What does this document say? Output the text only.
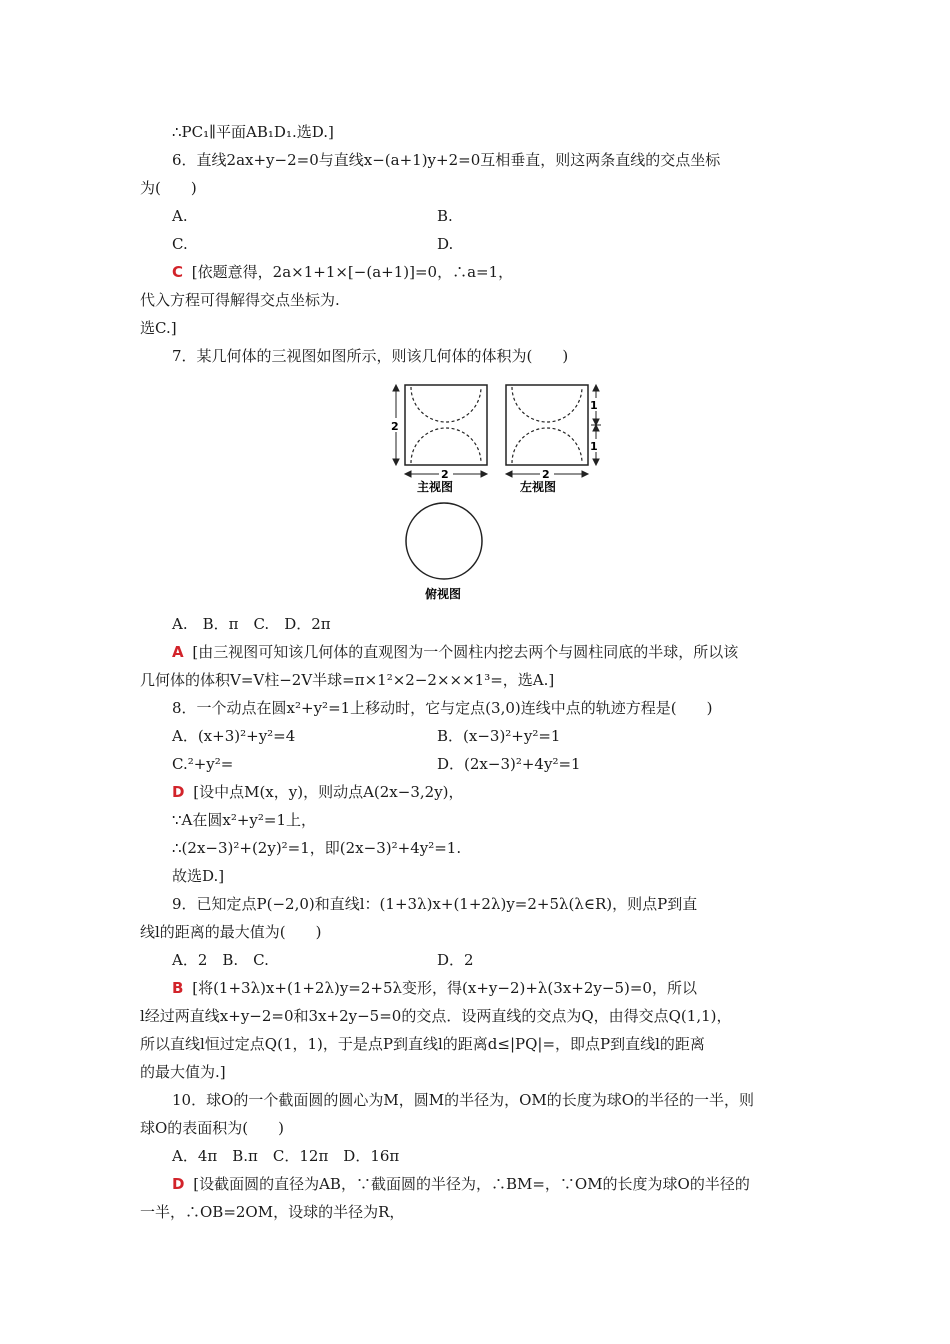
∴PC₁∥平面AB₁D₁.选D.]
6．直线2ax+y−2=0与直线x−(a+1)y+2=0互相垂直，则这两条直线的交点坐标
为(　　)
A.	B.
C.	D.
C [依题意得，2a×1+1×[−(a+1)]=0，∴a=1，
代入方程可得解得交点坐标为.
选C.]
7．某几何体的三视图如图所示，则该几何体的体积为(　　)
2
2
主视图
1
1
2
左视图
俯视图
A.　B．π　C.　D．2π
A [由三视图可知该几何体的直观图为一个圆柱内挖去两个与圆柱同底的半球，所以该
几何体的体积V=V柱−2V半球=π×1²×2−2×××1³=，选A.]
8．一个动点在圆x²+y²=1上移动时，它与定点(3,0)连线中点的轨迹方程是(　　)
A．(x+3)²+y²=4	B．(x−3)²+y²=1
C.²+y²=	D．(2x−3)²+4y²=1
D [设中点M(x，y)，则动点A(2x−3,2y)，
∵A在圆x²+y²=1上，
∴(2x−3)²+(2y)²=1，即(2x−3)²+4y²=1.
故选D.]
9．已知定点P(−2,0)和直线l：(1+3λ)x+(1+2λ)y=2+5λ(λ∈R)，则点P到直
线l的距离的最大值为(　　)
A．2　B.　C.	D．2
B [将(1+3λ)x+(1+2λ)y=2+5λ变形，得(x+y−2)+λ(3x+2y−5)=0，所以
l经过两直线x+y−2=0和3x+2y−5=0的交点．设两直线的交点为Q，由得交点Q(1,1)，
所以直线l恒过定点Q(1，1)，于是点P到直线l的距离d≤|PQ|=，即点P到直线l的距离
的最大值为.]
10．球O的一个截面圆的圆心为M，圆M的半径为，OM的长度为球O的半径的一半，则
球O的表面积为(　　)
A．4π　B.π　C．12π　D．16π
D [设截面圆的直径为AB，∵截面圆的半径为，∴BM=，∵OM的长度为球O的半径的
一半，∴OB=2OM，设球的半径为R，
